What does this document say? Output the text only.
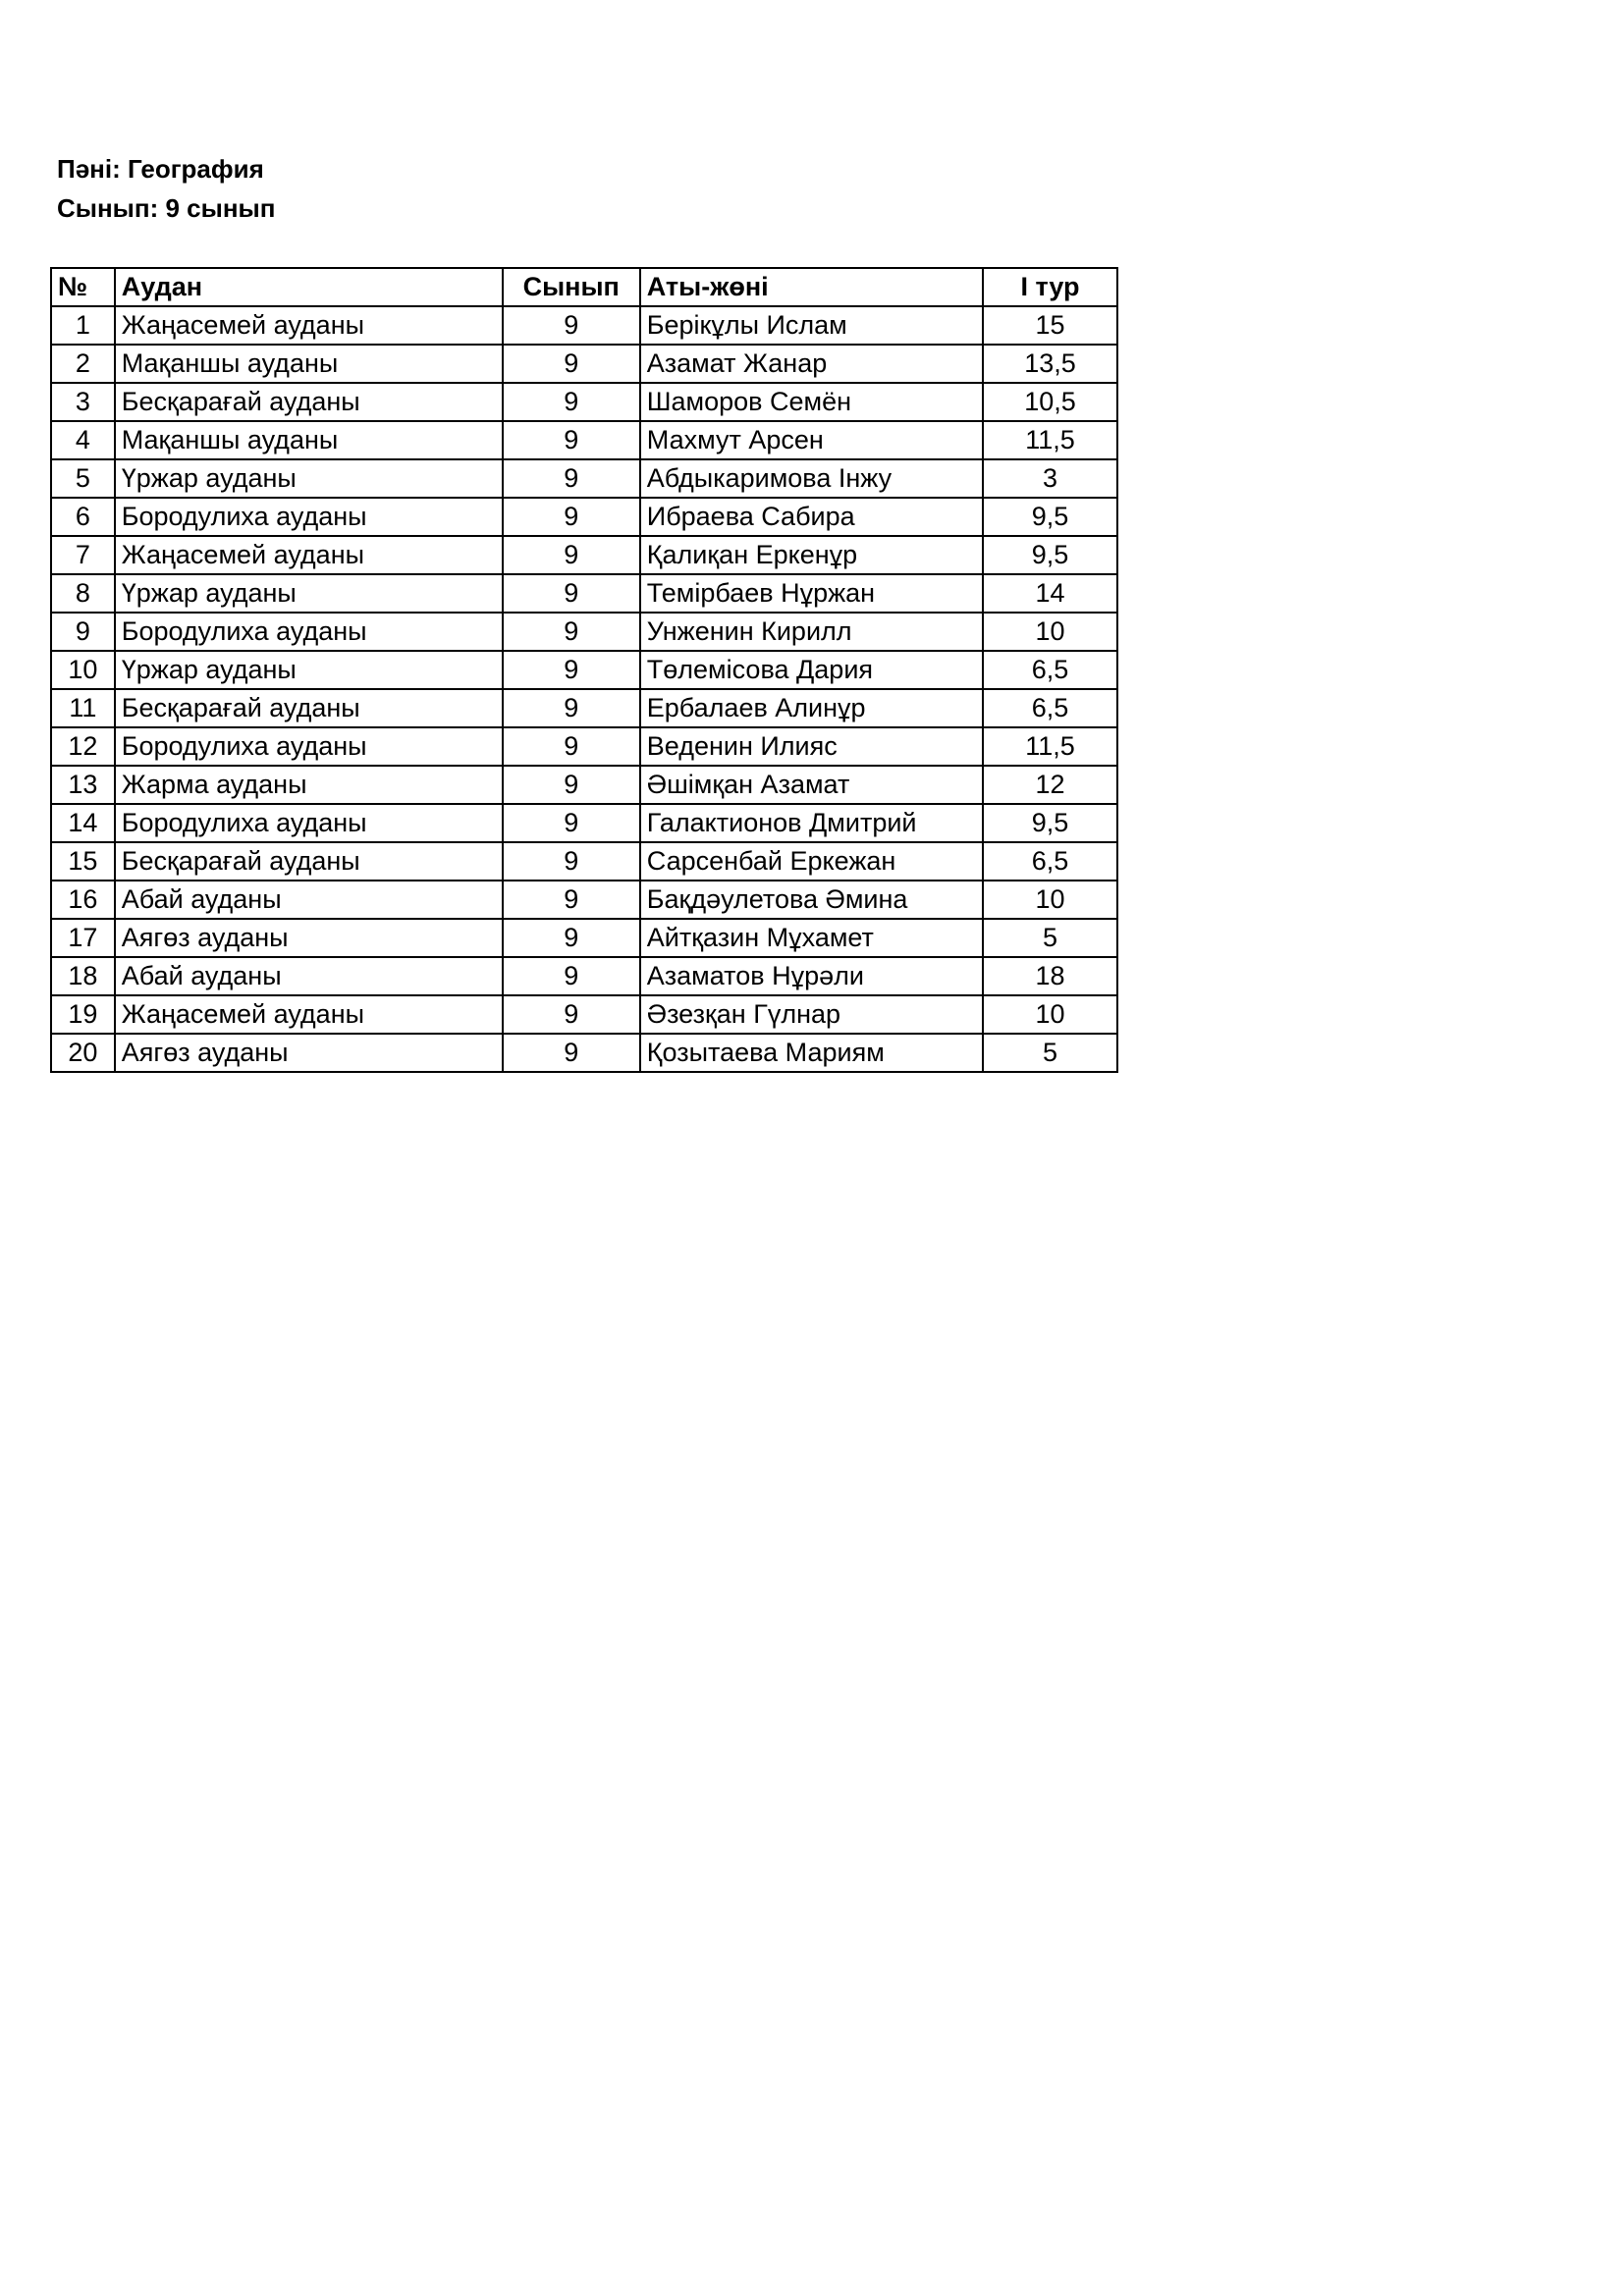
Пәні: География
Сынып: 9 сынып
№	Аудан	Сынып	Аты-жөні	I тур
1	Жаңасемей ауданы	9	Берікұлы Ислам	15
2	Мақаншы ауданы	9	Азамат Жанар	13,5
3	Бесқарағай ауданы	9	Шаморов Семён	10,5
4	Мақаншы ауданы	9	Махмут Арсен	11,5
5	Үржар ауданы	9	Абдыкаримова Інжу	3
6	Бородулиха ауданы	9	Ибраева Сабира	9,5
7	Жаңасемей ауданы	9	Қалиқан Еркенұр	9,5
8	Үржар ауданы	9	Темірбаев Нұржан	14
9	Бородулиха ауданы	9	Унженин Кирилл	10
10	Үржар ауданы	9	Төлемісова Дария	6,5
11	Бесқарағай ауданы	9	Ербалаев Алинұр	6,5
12	Бородулиха ауданы	9	Веденин Илияс	11,5
13	Жарма ауданы	9	Әшімқан Азамат	12
14	Бородулиха ауданы	9	Галактионов Дмитрий	9,5
15	Бесқарағай ауданы	9	Сарсенбай Еркежан	6,5
16	Абай ауданы	9	Бақдәулетова Әмина	10
17	Аягөз ауданы	9	Айтқазин Мұхамет	5
18	Абай ауданы	9	Азаматов Нұрәли	18
19	Жаңасемей ауданы	9	Әзезқан Гүлнар	10
20	Аягөз ауданы	9	Қозытаева Мариям	5
